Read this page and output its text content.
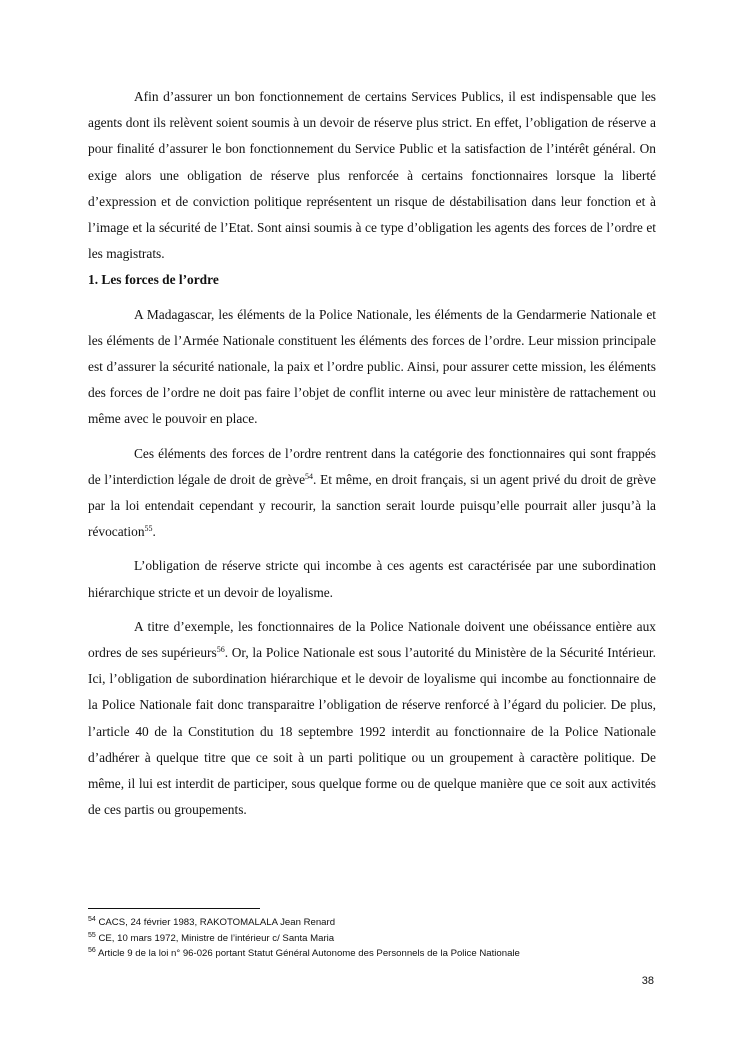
Afin d’assurer un bon fonctionnement de certains Services Publics, il est indispensable que les agents dont ils relèvent soient soumis à un devoir de réserve plus strict. En effet, l’obligation de réserve a pour finalité d’assurer le bon fonctionnement du Service Public et la satisfaction de l’intérêt général. On exige alors une obligation de réserve plus renforcée à certains fonctionnaires lorsque la liberté d’expression et de conviction politique représentent un risque de déstabilisation dans leur fonction et à l’image et la sécurité de l’Etat. Sont ainsi soumis à ce type d’obligation les agents des forces de l’ordre et les magistrats.

1. Les forces de l’ordre

A Madagascar, les éléments de la Police Nationale, les éléments de la Gendarmerie Nationale et les éléments de l’Armée Nationale constituent les éléments des forces de l’ordre. Leur mission principale est d’assurer la sécurité nationale, la paix et l’ordre public. Ainsi, pour assurer cette mission, les éléments des forces de l’ordre ne doit pas faire l’objet de conflit interne ou avec leur ministère de rattachement ou même avec le pouvoir en place.

Ces éléments des forces de l’ordre rentrent dans la catégorie des fonctionnaires qui sont frappés de l’interdiction légale de droit de grève$^{54}$. Et même, en droit français, si un agent privé du droit de grève par la loi entendait cependant y recourir, la sanction serait lourde puisqu’elle pourrait aller jusqu’à la révocation$^{55}$.

L’obligation de réserve stricte qui incombe à ces agents est caractérisée par une subordination hiérarchique stricte et un devoir de loyalisme.

A titre d’exemple, les fonctionnaires de la Police Nationale doivent une obéissance entière aux ordres de ses supérieurs$^{56}$. Or, la Police Nationale est sous l’autorité du Ministère de la Sécurité Intérieur. Ici, l’obligation de subordination hiérarchique et le devoir de loyalisme qui incombe au fonctionnaire de la Police Nationale fait donc transparaitre l’obligation de réserve renforcé à l’égard du policier. De plus, l’article 40 de la Constitution du 18 septembre 1992 interdit au fonctionnaire de la Police Nationale d’adhérer à quelque titre que ce soit à un parti politique ou un groupement à caractère politique. De même, il lui est interdit de participer, sous quelque forme ou de quelque manière que ce soit aux activités de ces partis ou groupements.

$^{54}$ CACS, 24 février 1983, RAKOTOMALALA Jean Renard
$^{55}$ CE, 10 mars 1972, Ministre de l’intérieur c/ Santa Maria
$^{56}$ Article 9 de la loi n° 96-026 portant Statut Général Autonome des Personnels de la Police Nationale
38
